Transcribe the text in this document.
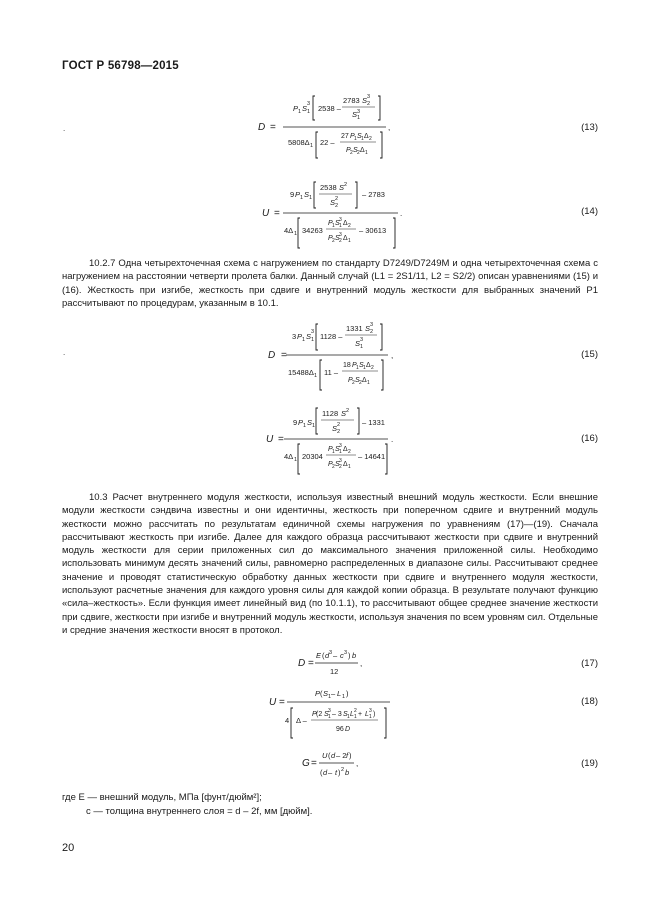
ГОСТ Р 56798—2015
.
.
D =
P 1 S 1
3 2538 –
2783 S 2
3
S 1
3
5808Δ 1 22 –
27 P 1 S 1 Δ 2
P 2 S 2 Δ 1
,	(13)
U =
9 P 1 S 1
2538 S 2
S 2
2	– 2783
4Δ 1 34263
P 1 S 1
3 Δ 2
P 2 S 2
3 Δ 1
– 30613
.	(14)

10.2.7 Одна четырехточечная схема с нагружением по стандарту D7249/D7249M и одна четырехточечная схема с нагружением на расстоянии четверти пролета балки. Данный случай (L1 = 2S1/11, L2 = S2/2) описан уравнениями (15) и (16). Жесткость при изгибе, жесткость при сдвиге и внутренний модуль жесткости для выбранных значений P1 рассчитывают по процедурам, указанным в 10.1.

D =
3 P 1 S 1
3 1128 –
1331 S 2
3
S 1
3
15488Δ 1 11 –
18 P 1 S 1 Δ 2
P 2 S 2 Δ 1
,	(15)
U =
9 P 1 S 1
1128 S 2
S 2
2	– 1331
4Δ 1 20304
P 1 S 1
3 Δ 2
P 2 S 2
3 Δ 1
– 14641
.	(16)

10.3 Расчет внутреннего модуля жесткости, используя известный внешний модуль жесткости. Если внешние модули жесткости сэндвича известны и они идентичны, жесткость при поперечном сдвиге и внутренний модуль жесткости можно рассчитать по результатам единичной схемы нагружения по уравнениям (17)—(19). Сначала рассчитывают жесткость при изгибе. Далее для каждого образца рассчитывают жесткости при сдвиге и внутренний модуль жесткости для серии приложенных сил до максимального значения приложенной силы. Необходимо использовать минимум десять значений силы, равномерно распределенных в диапазоне силы. Рассчитывают среднее значение и проводят статистическую обработку данных жесткости при сдвиге и внутреннего модуля жесткости, используют расчетные значения для каждого уровня силы для каждой копии образца. В результате получают функцию «сила–жесткость». Если функция имеет линейный вид (по 10.1.1), то рассчитывают общее среднее значение жесткости при сдвиге, жесткости при изгибе и внутренний модуль жесткости, используя значения по всем уровням сил. Отдельные и средние значения жесткости вносят в протокол.

D =
E ( d 3 – c 3 ) b
12
,	(17)
U =
P ( S 1 – L 1 )
4 Δ –
P (2 S 1
3 – 3 S 1 L 1
2 + L 1
3 )
96 D
(18)
G =
U ( d – 2 f )
( d – t ) 2 b
,	(19)
где E — внешний модуль, МПа [фунт/дюйм²];
c — толщина внутреннего слоя = d – 2f, мм [дюйм].
20
